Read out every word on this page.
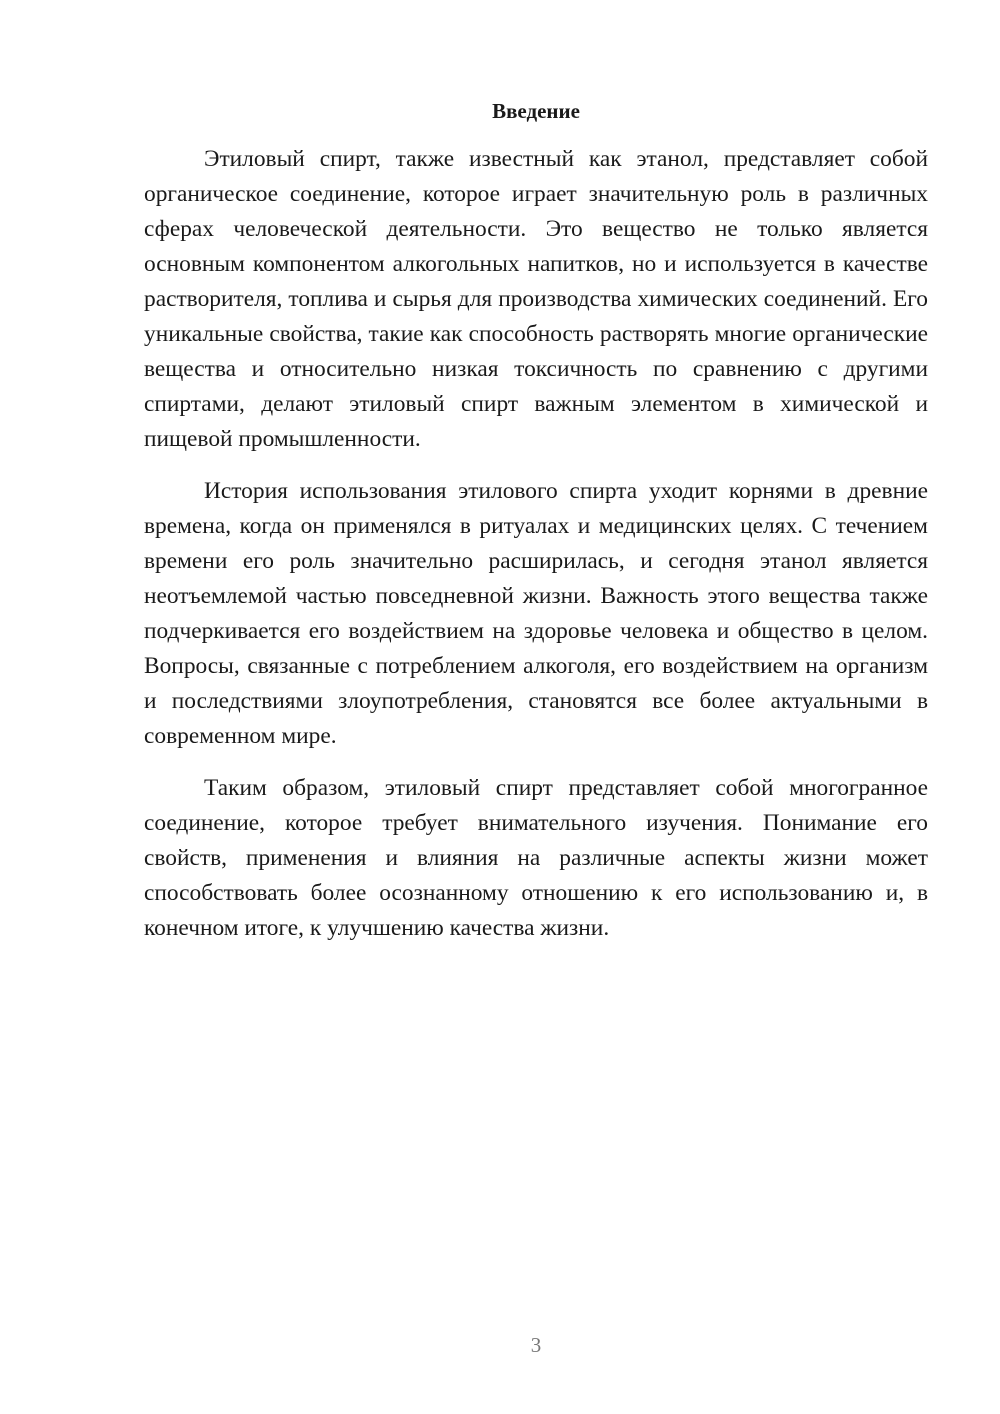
Введение

Этиловый спирт, также известный как этанол, представляет собой органическое соединение, которое играет значительную роль в различных сферах человеческой деятельности. Это вещество не только является основным компонентом алкогольных напитков, но и используется в качестве растворителя, топлива и сырья для производства химических соединений. Его уникальные свойства, такие как способность растворять многие органические вещества и относительно низкая токсичность по сравнению с другими спиртами, делают этиловый спирт важным элементом в химической и пищевой промышленности.

История использования этилового спирта уходит корнями в древние времена, когда он применялся в ритуалах и медицинских целях. С течением времени его роль значительно расширилась, и сегодня этанол является неотъемлемой частью повседневной жизни. Важность этого вещества также подчеркивается его воздействием на здоровье человека и общество в целом. Вопросы, связанные с потреблением алкоголя, его воздействием на организм и последствиями злоупотребления, становятся все более актуальными в современном мире.

Таким образом, этиловый спирт представляет собой многогранное соединение, которое требует внимательного изучения. Понимание его свойств, применения и влияния на различные аспекты жизни может способствовать более осознанному отношению к его использованию и, в конечном итоге, к улучшению качества жизни.

3
